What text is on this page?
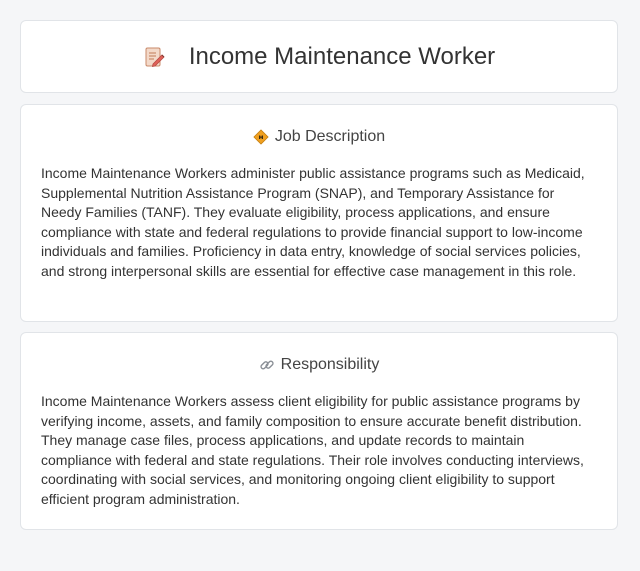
Income Maintenance Worker
Job Description

Income Maintenance Workers administer public assistance programs such as Medicaid, Supplemental Nutrition Assistance Program (SNAP), and Temporary Assistance for Needy Families (TANF). They evaluate eligibility, process applications, and ensure compliance with state and federal regulations to provide financial support to low-income individuals and families. Proficiency in data entry, knowledge of social services policies, and strong interpersonal skills are essential for effective case management in this role.

Responsibility

Income Maintenance Workers assess client eligibility for public assistance programs by verifying income, assets, and family composition to ensure accurate benefit distribution. They manage case files, process applications, and update records to maintain compliance with federal and state regulations. Their role involves conducting interviews, coordinating with social services, and monitoring ongoing client eligibility to support efficient program administration.
